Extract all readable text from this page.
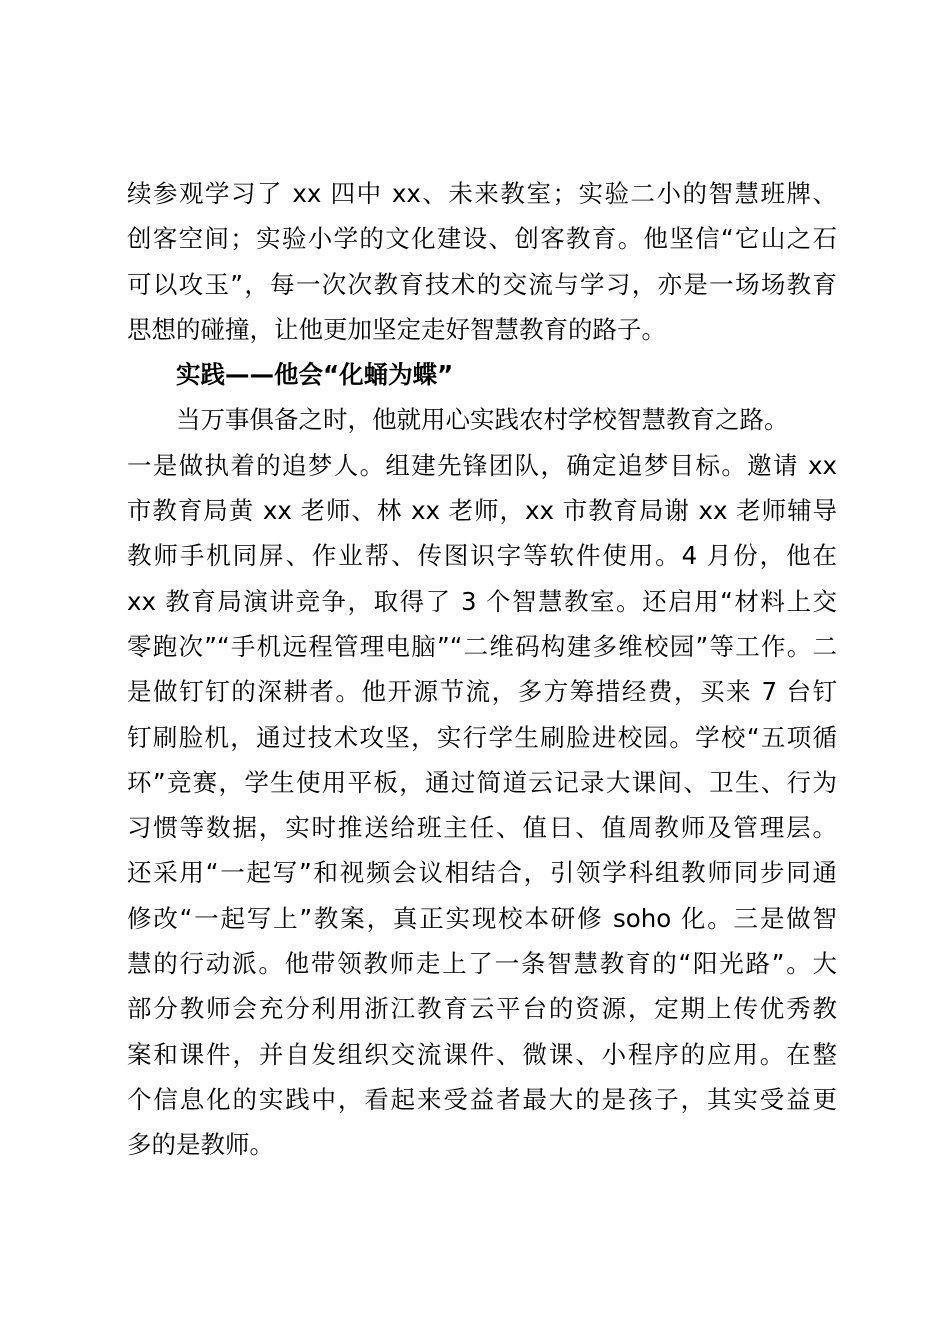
续参观学习了 xx 四中 xx、未来教室；实验二小的智慧班牌、
创客空间；实验小学的文化建设、创客教育。他坚信“它山之石
可以攻玉”，每一次次教育技术的交流与学习，亦是一场场教育
思想的碰撞，让他更加坚定走好智慧教育的路子。
实践——他会“化蛹为蝶”
当万事俱备之时，他就用心实践农村学校智慧教育之路。
一是做执着的追梦人。组建先锋团队，确定追梦目标。邀请 xx
市教育局黄 xx 老师、林 xx 老师，xx 市教育局谢 xx 老师辅导
教师手机同屏、作业帮、传图识字等软件使用。4 月份，他在
xx 教育局演讲竞争，取得了 3 个智慧教室。还启用“材料上交
零跑次”“手机远程管理电脑”“二维码构建多维校园”等工作。二
是做钉钉的深耕者。他开源节流，多方筹措经费，买来 7 台钉
钉刷脸机，通过技术攻坚，实行学生刷脸进校园。学校“五项循
环”竞赛，学生使用平板，通过简道云记录大课间、卫生、行为
习惯等数据，实时推送给班主任、值日、值周教师及管理层。
还采用“一起写”和视频会议相结合，引领学科组教师同步同通
修改“一起写上”教案，真正实现校本研修 soho 化。三是做智
慧的行动派。他带领教师走上了一条智慧教育的“阳光路”。大
部分教师会充分利用浙江教育云平台的资源，定期上传优秀教
案和课件，并自发组织交流课件、微课、小程序的应用。在整
个信息化的实践中，看起来受益者最大的是孩子，其实受益更
多的是教师。
